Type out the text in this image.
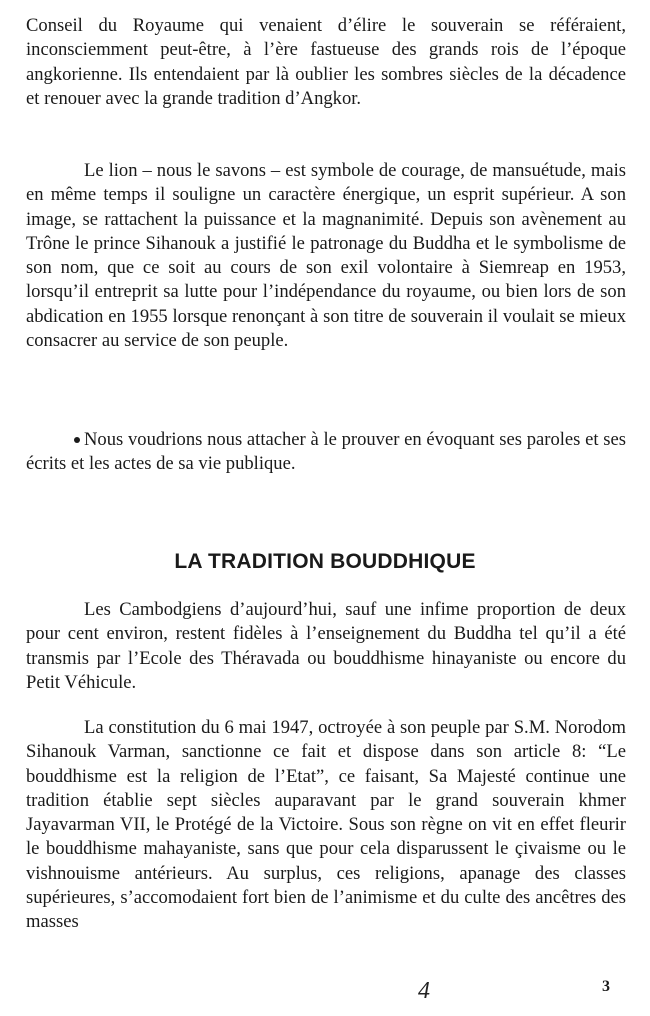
Conseil du Royaume qui venaient d’élire le souverain se référaient, inconsciemment peut-être, à l’ère fastueuse des grands rois de l’époque angkorienne. Ils entendaient par là oublier les sombres siècles de la décadence et renouer avec la grande tradition d’Angkor.

Le lion – nous le savons – est symbole de courage, de mansuétude, mais en même temps il souligne un caractère énergique, un esprit supérieur. A son image, se rattachent la puissance et la magnanimité. Depuis son avènement au Trône le prince Sihanouk a justifié le patronage du Buddha et le symbolisme de son nom, que ce soit au cours de son exil volontaire à Siemreap en 1953, lorsqu’il entreprit sa lutte pour l’indépendance du royaume, ou bien lors de son abdication en 1955 lorsque renonçant à son titre de souverain il voulait se mieux consacrer au service de son peuple.

Nous voudrions nous attacher à le prouver en évoquant ses paroles et ses écrits et les actes de sa vie publique.

LA TRADITION BOUDDHIQUE

Les Cambodgiens d’aujourd’hui, sauf une infime proportion de deux pour cent environ, restent fidèles à l’enseignement du Buddha tel qu’il a été transmis par l’Ecole des Théravada ou bouddhisme hinayaniste ou encore du Petit Véhicule.

La constitution du 6 mai 1947, octroyée à son peuple par S.M. Norodom Sihanouk Varman, sanctionne ce fait et dispose dans son article 8: “Le bouddhisme est la religion de l’Etat”, ce faisant, Sa Majesté continue une tradition établie sept siècles auparavant par le grand souverain khmer Jayavarman VII, le Protégé de la Victoire. Sous son règne on vit en effet fleurir le bouddhisme mahayaniste, sans que pour cela disparussent le çivaisme ou le vishnouisme antérieurs. Au surplus, ces religions, apanage des classes supérieures, s’accomodaient fort bien de l’animisme et du culte des ancêtres des masses

4	3
